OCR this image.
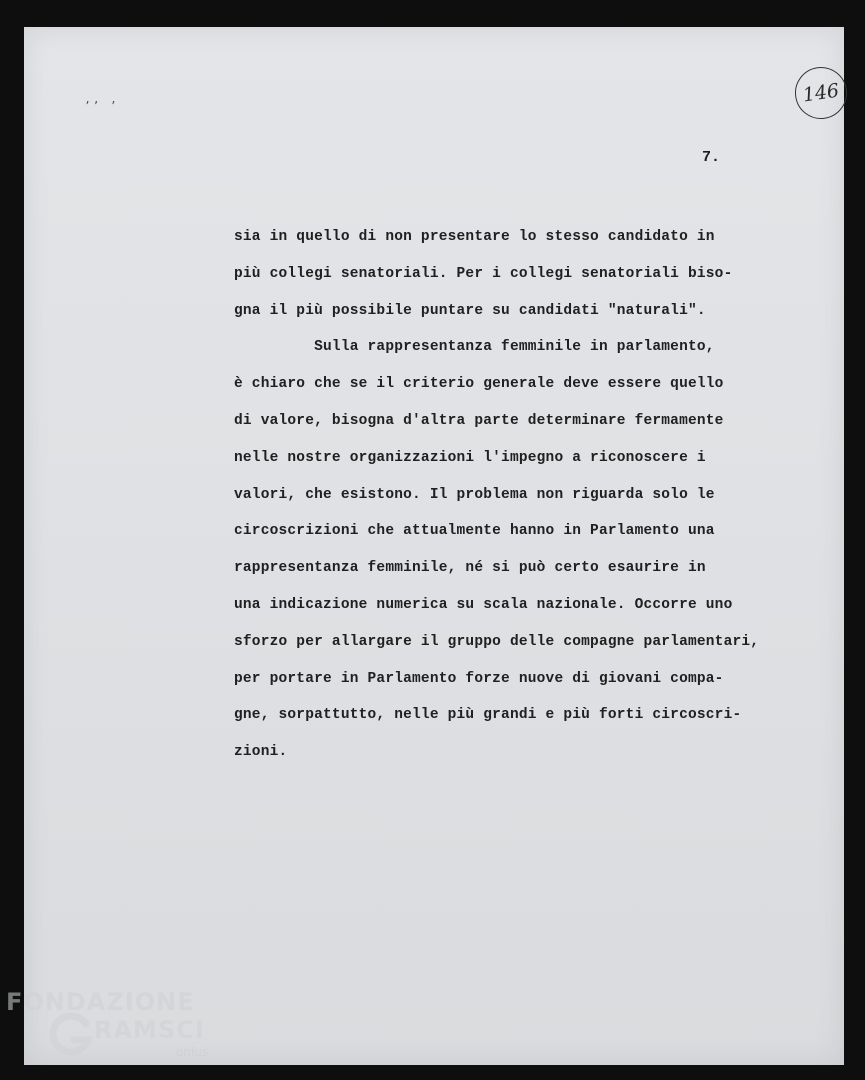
’’ ’	146
7.
sia in quello di non presentare lo stesso candidato in
più collegi senatoriali. Per i collegi senatoriali biso-
gna il più possibile puntare su candidati "naturali".
Sulla rappresentanza femminile in parlamento,
è chiaro che se il criterio generale deve essere quello
di valore, bisogna d'altra parte determinare fermamente
nelle nostre organizzazioni l'impegno a riconoscere i
valori, che esistono. Il problema non riguarda solo le
circoscrizioni che attualmente hanno in Parlamento una
rappresentanza femminile, né si può certo esaurire in
una indicazione numerica su scala nazionale. Occorre uno
sforzo per allargare il gruppo delle compagne parlamentari,
per portare in Parlamento forze nuove di giovani compa-
gne, sorpattutto, nelle più grandi e più forti circoscri-
zioni.
FONDAZIONE
RAMSCI
onlus
